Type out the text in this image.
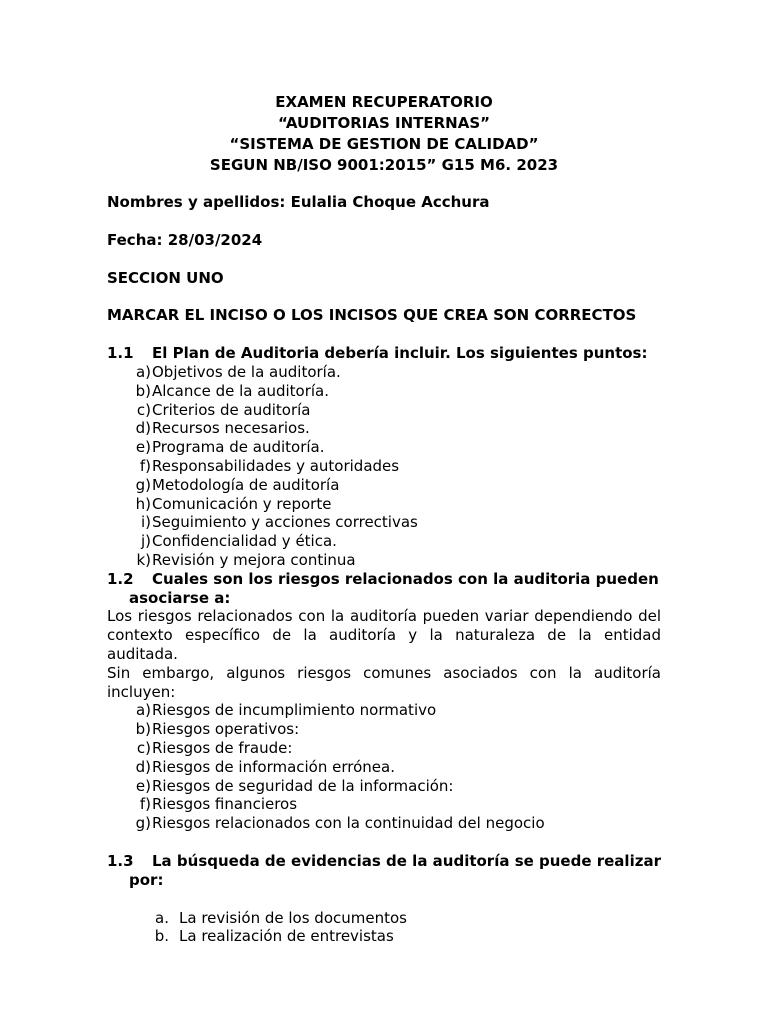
EXAMEN RECUPERATORIO
“AUDITORIAS INTERNAS”
“SISTEMA DE GESTION DE CALIDAD”
SEGUN NB/ISO 9001:2015” G15 M6. 2023
Nombres y apellidos: Eulalia Choque Acchura
Fecha: 28/03/2024
SECCION UNO
MARCAR EL INCISO O LOS INCISOS QUE CREA SON CORRECTOS
1.1	El Plan de Auditoria debería incluir. Los siguientes puntos:
a) Objetivos de la auditoría.
b) Alcance de la auditoría.
c) Criterios de auditoría
d) Recursos necesarios.
e) Programa de auditoría.
f) Responsabilidades y autoridades
g) Metodología de auditoría
h) Comunicación y reporte
i) Seguimiento y acciones correctivas
j) Confidencialidad y ética.
k) Revisión y mejora continua
1.2	Cuales son los riesgos relacionados con la auditoria pueden
asociarse a:
Los riesgos relacionados con la auditoría pueden variar dependiendo del
contexto específico de la auditoría y la naturaleza de la entidad auditada.
Sin embargo, algunos riesgos comunes asociados con la auditoría
incluyen:
a) Riesgos de incumplimiento normativo
b) Riesgos operativos:
c) Riesgos de fraude:
d) Riesgos de información errónea.
e) Riesgos de seguridad de la información:
f) Riesgos financieros
g) Riesgos relacionados con la continuidad del negocio
1.3	La búsqueda de evidencias de la auditoría se puede realizar
por:
a. La revisión de los documentos
b. La realización de entrevistas
